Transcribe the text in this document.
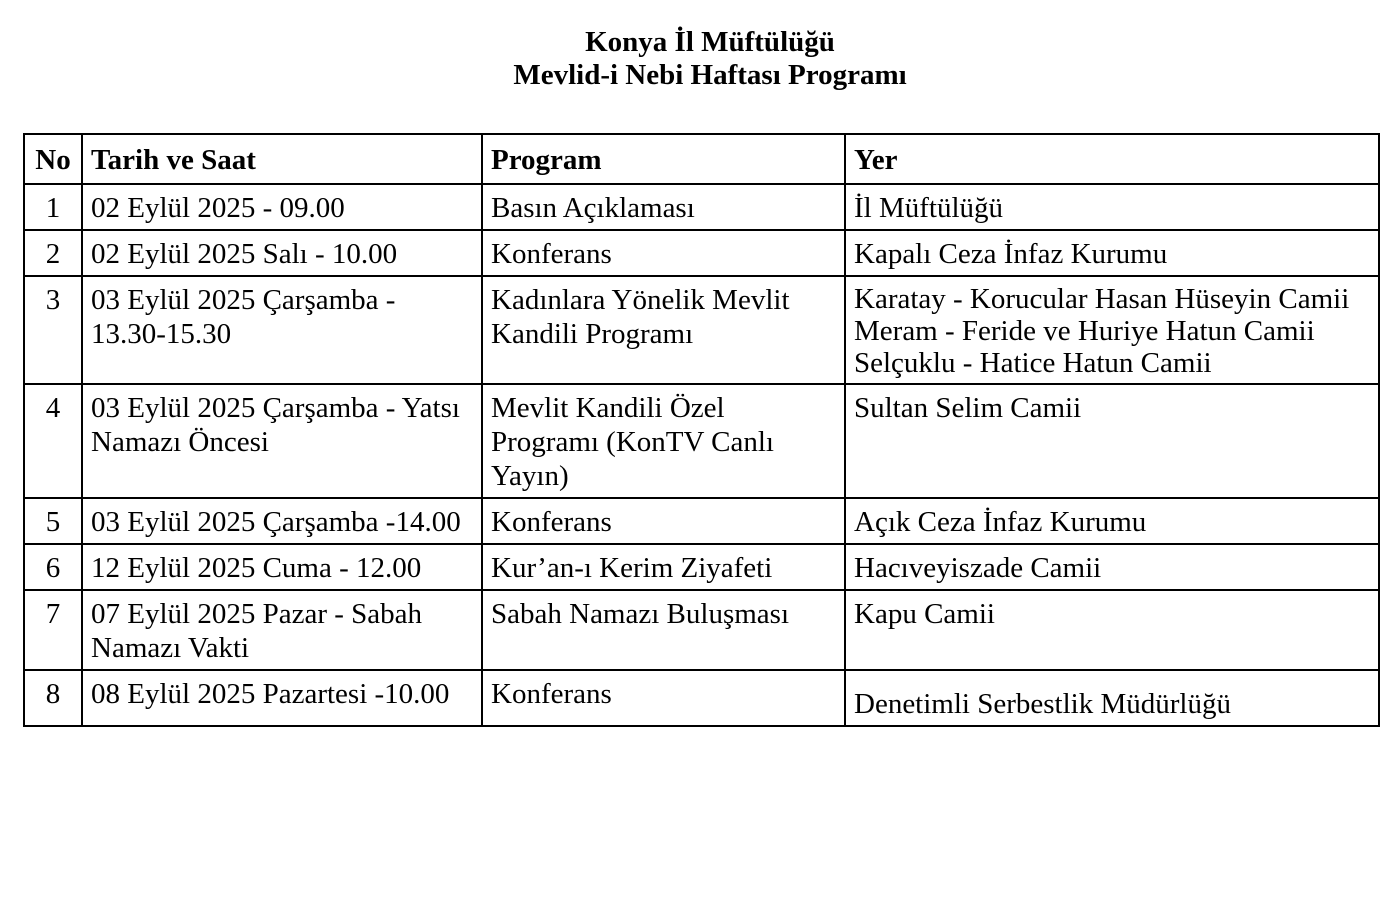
Konya İl Müftülüğü
Mevlid-i Nebi Haftası Programı
No	Tarih ve Saat	Program	Yer
1	02 Eylül 2025 - 09.00	Basın Açıklaması	İl Müftülüğü

2	02 Eylül 2025 Salı - 10.00	Konferans	Kapalı Ceza İnfaz Kurumu

3	03 Eylül 2025 Çarşamba - 13.30-15.30	Kadınlara Yönelik Mevlit Kandili Programı	Karatay - Korucular Hasan Hüseyin Camii
Meram - Feride ve Huriye Hatun Camii
Selçuklu - Hatice Hatun Camii

4	03 Eylül 2025 Çarşamba - Yatsı Namazı Öncesi	Mevlit Kandili Özel Programı (KonTV Canlı Yayın)	Sultan Selim Camii

5	03 Eylül 2025 Çarşamba -14.00	Konferans	Açık Ceza İnfaz Kurumu

6	12 Eylül 2025 Cuma - 12.00	Kur’an-ı Kerim Ziyafeti	Hacıveyiszade Camii

7	07 Eylül 2025 Pazar - Sabah Namazı Vakti	Sabah Namazı Buluşması	Kapu Camii

8	08 Eylül 2025 Pazartesi -10.00	Konferans	Denetimli Serbestlik Müdürlüğü
